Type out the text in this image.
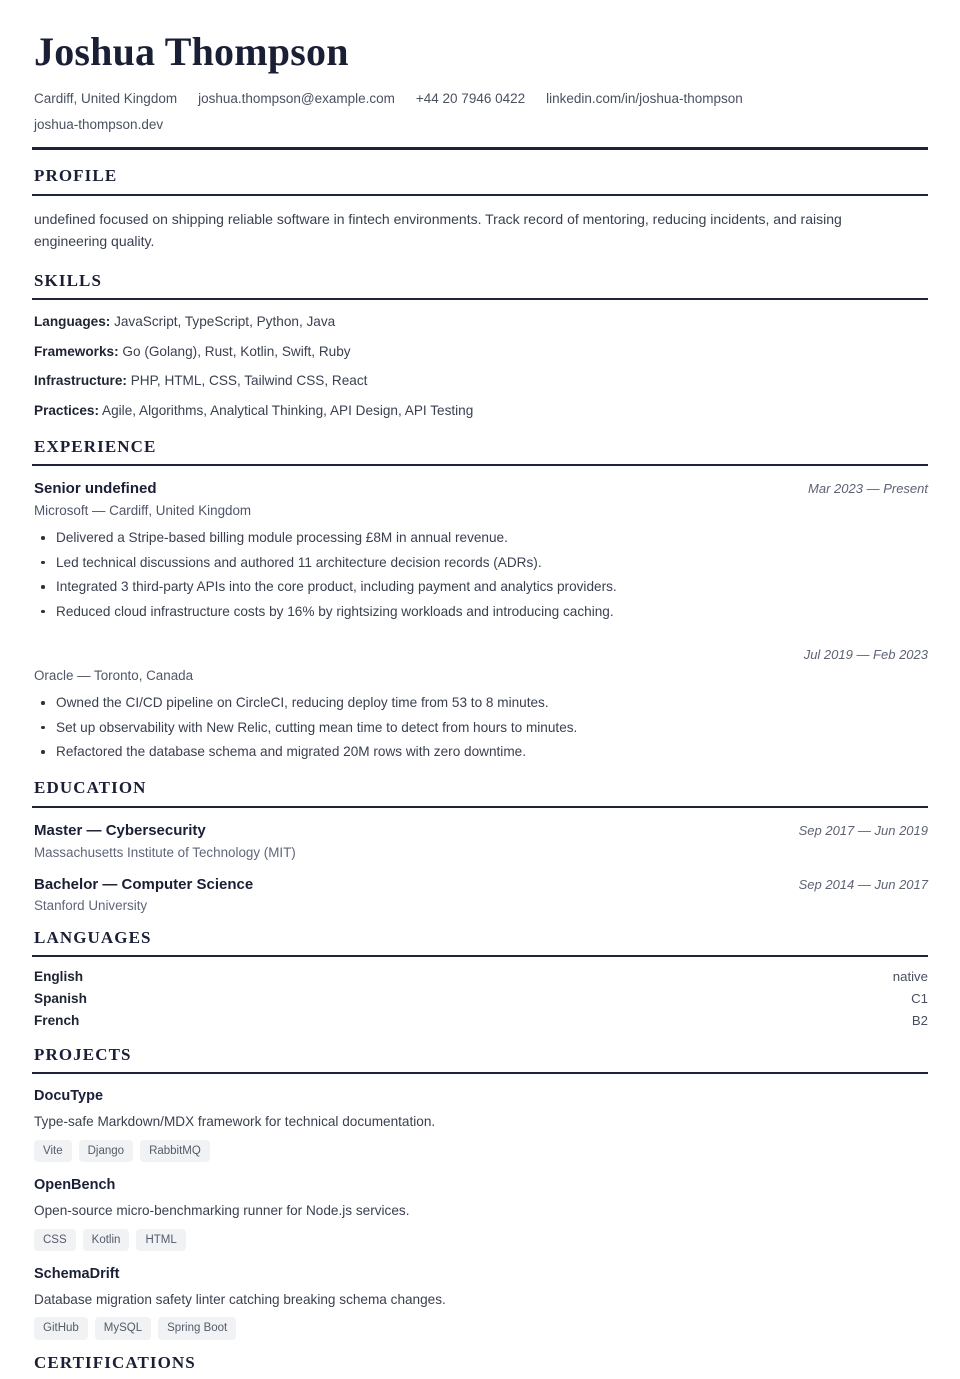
Joshua Thompson
Cardiff, United Kingdom joshua.thompson@example.com +44 20 7946 0422 linkedin.com/in/joshua-thompson
joshua-thompson.dev
PROFILE

undefined focused on shipping reliable software in fintech environments. Track record of mentoring, reducing incidents, and raising engineering quality.

SKILLS
Languages: JavaScript, TypeScript, Python, Java
Frameworks: Go (Golang), Rust, Kotlin, Swift, Ruby
Infrastructure: PHP, HTML, CSS, Tailwind CSS, React
Practices: Agile, Algorithms, Analytical Thinking, API Design, API Testing
EXPERIENCE
Senior undefined	Mar 2023 — Present
Microsoft — Cardiff, United Kingdom
Delivered a Stripe-based billing module processing £8M in annual revenue.
Led technical discussions and authored 11 architecture decision records (ADRs).
Integrated 3 third-party APIs into the core product, including payment and analytics providers.
Reduced cloud infrastructure costs by 16% by rightsizing workloads and introducing caching.
Jul 2019 — Feb 2023
Oracle — Toronto, Canada
Owned the CI/CD pipeline on CircleCI, reducing deploy time from 53 to 8 minutes.
Set up observability with New Relic, cutting mean time to detect from hours to minutes.
Refactored the database schema and migrated 20M rows with zero downtime.
EDUCATION
Master — Cybersecurity	Sep 2017 — Jun 2019
Massachusetts Institute of Technology (MIT)
Bachelor — Computer Science	Sep 2014 — Jun 2017
Stanford University
LANGUAGES
English	native
Spanish	C1
French	B2
PROJECTS
DocuType
Type-safe Markdown/MDX framework for technical documentation.
Vite	Django	RabbitMQ
OpenBench
Open-source micro-benchmarking runner for Node.js services.
CSS	Kotlin	HTML
SchemaDrift
Database migration safety linter catching breaking schema changes.
GitHub	MySQL	Spring Boot
CERTIFICATIONS
